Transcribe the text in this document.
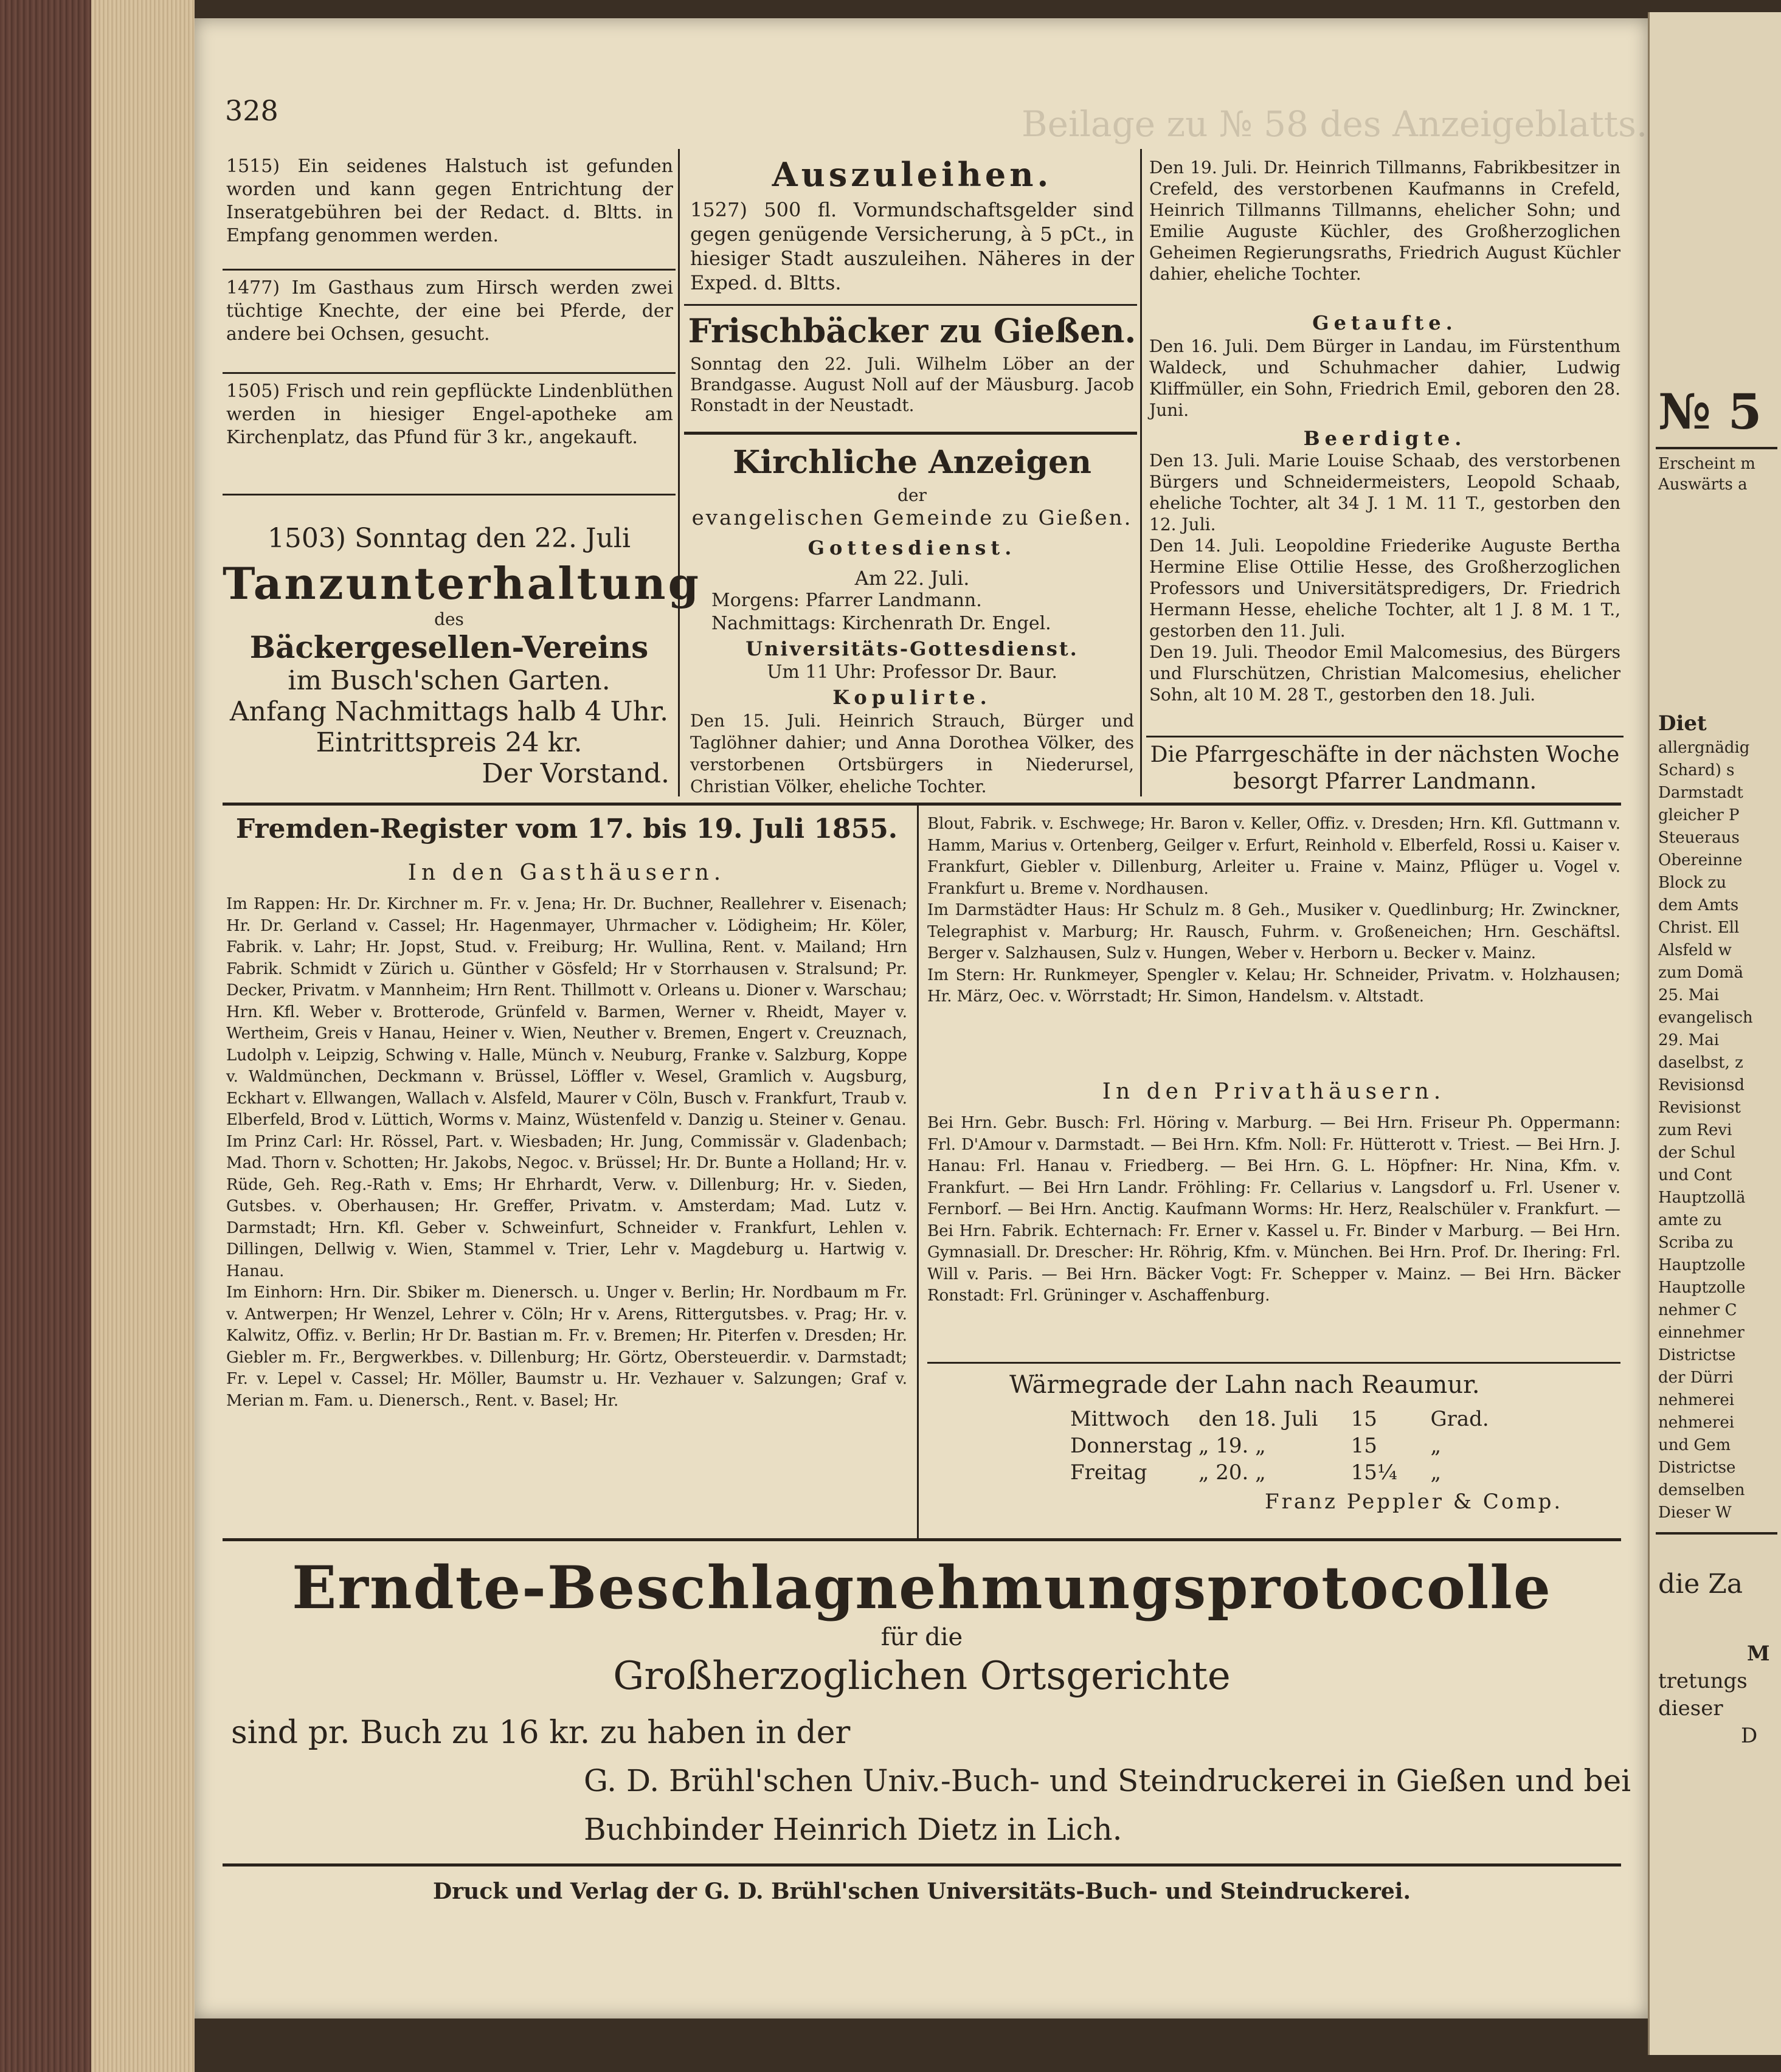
328	Beilage zu № 58 des Anzeigeblatts.
1515) Ein seidenes Halstuch ist gefunden worden und kann gegen Entrichtung der Inseratgebühren bei der Redact. d. Bltts. in Empfang genommen werden.
1477) Im Gasthaus zum Hirsch werden zwei tüchtige Knechte, der eine bei Pferde, der andere bei Ochsen, gesucht.
1505) Frisch und rein gepflückte Lindenblüthen werden in hiesiger Engel-apotheke am Kirchenplatz, das Pfund für 3 kr., angekauft.
1503) Sonntag den 22. Juli
Tanzunterhaltung
des
Bäckergesellen-Vereins
im Busch'schen Garten.
Anfang Nachmittags halb 4 Uhr.
Eintrittspreis 24 kr.
Der Vorstand.
Auszuleihen.
1527) 500 fl. Vormundschaftsgelder sind gegen genügende Versicherung, à 5 pCt., in hiesiger Stadt auszuleihen. Näheres in der Exped. d. Bltts.
Frischbäcker zu Gießen.
Sonntag den 22. Juli. Wilhelm Löber an der Brandgasse. August Noll auf der Mäusburg. Jacob Ronstadt in der Neustadt.
Kirchliche Anzeigen
der
evangelischen Gemeinde zu Gießen.
Gottesdienst.
Am 22. Juli.
Morgens: Pfarrer Landmann.
Nachmittags: Kirchenrath Dr. Engel.
Universitäts-Gottesdienst.
Um 11 Uhr: Professor Dr. Baur.
Kopulirte.
Den 15. Juli. Heinrich Strauch, Bürger und Taglöhner dahier; und Anna Dorothea Völker, des verstorbenen Ortsbürgers in Niederursel, Christian Völker, eheliche Tochter.
Den 19. Juli. Dr. Heinrich Tillmanns, Fabrikbesitzer in Crefeld, des verstorbenen Kaufmanns in Crefeld, Heinrich Tillmanns Tillmanns, ehelicher Sohn; und Emilie Auguste Küchler, des Großherzoglichen Geheimen Regierungsraths, Friedrich August Küchler dahier, eheliche Tochter.
Getaufte.
Den 16. Juli. Dem Bürger in Landau, im Fürstenthum Waldeck, und Schuhmacher dahier, Ludwig Kliffmüller, ein Sohn, Friedrich Emil, geboren den 28. Juni.
Beerdigte.
Den 13. Juli. Marie Louise Schaab, des verstorbenen Bürgers und Schneidermeisters, Leopold Schaab, eheliche Tochter, alt 34 J. 1 M. 11 T., gestorben den 12. Juli.
Den 14. Juli. Leopoldine Friederike Auguste Bertha Hermine Elise Ottilie Hesse, des Großherzoglichen Professors und Universitätspredigers, Dr. Friedrich Hermann Hesse, eheliche Tochter, alt 1 J. 8 M. 1 T., gestorben den 11. Juli.
Den 19. Juli. Theodor Emil Malcomesius, des Bürgers und Flurschützen, Christian Malcomesius, ehelicher Sohn, alt 10 M. 28 T., gestorben den 18. Juli.
Die Pfarrgeschäfte in der nächsten Woche besorgt Pfarrer Landmann.
Fremden-Register vom 17. bis 19. Juli 1855.
In den Gasthäusern.
Im Rappen: Hr. Dr. Kirchner m. Fr. v. Jena; Hr. Dr. Buchner, Reallehrer v. Eisenach; Hr. Dr. Gerland v. Cassel; Hr. Hagenmayer, Uhrmacher v. Lödigheim; Hr. Köler, Fabrik. v. Lahr; Hr. Jopst, Stud. v. Freiburg; Hr. Wullina, Rent. v. Mailand; Hrn Fabrik. Schmidt v Zürich u. Günther v Gösfeld; Hr v Storrhausen v. Stralsund; Pr. Decker, Privatm. v Mannheim; Hrn Rent. Thillmott v. Orleans u. Dioner v. Warschau; Hrn. Kfl. Weber v. Brotterode, Grünfeld v. Barmen, Werner v. Rheidt, Mayer v. Wertheim, Greis v Hanau, Heiner v. Wien, Neuther v. Bremen, Engert v. Creuznach, Ludolph v. Leipzig, Schwing v. Halle, Münch v. Neuburg, Franke v. Salzburg, Koppe v. Waldmünchen, Deckmann v. Brüssel, Löffler v. Wesel, Gramlich v. Augsburg, Eckhart v. Ellwangen, Wallach v. Alsfeld, Maurer v Cöln, Busch v. Frankfurt, Traub v. Elberfeld, Brod v. Lüttich, Worms v. Mainz, Wüstenfeld v. Danzig u. Steiner v. Genau.
Im Prinz Carl: Hr. Rössel, Part. v. Wiesbaden; Hr. Jung, Commissär v. Gladenbach; Mad. Thorn v. Schotten; Hr. Jakobs, Negoc. v. Brüssel; Hr. Dr. Bunte a Holland; Hr. v. Rüde, Geh. Reg.-Rath v. Ems; Hr Ehrhardt, Verw. v. Dillenburg; Hr. v. Sieden, Gutsbes. v. Oberhausen; Hr. Greffer, Privatm. v. Amsterdam; Mad. Lutz v. Darmstadt; Hrn. Kfl. Geber v. Schweinfurt, Schneider v. Frankfurt, Lehlen v. Dillingen, Dellwig v. Wien, Stammel v. Trier, Lehr v. Magdeburg u. Hartwig v. Hanau.
Im Einhorn: Hrn. Dir. Sbiker m. Dienersch. u. Unger v. Berlin; Hr. Nordbaum m Fr. v. Antwerpen; Hr Wenzel, Lehrer v. Cöln; Hr v. Arens, Rittergutsbes. v. Prag; Hr. v. Kalwitz, Offiz. v. Berlin; Hr Dr. Bastian m. Fr. v. Bremen; Hr. Piterfen v. Dresden; Hr. Giebler m. Fr., Bergwerkbes. v. Dillenburg; Hr. Görtz, Obersteuerdir. v. Darmstadt; Fr. v. Lepel v. Cassel; Hr. Möller, Baumstr u. Hr. Vezhauer v. Salzungen; Graf v. Merian m. Fam. u. Dienersch., Rent. v. Basel; Hr.
Blout, Fabrik. v. Eschwege; Hr. Baron v. Keller, Offiz. v. Dresden; Hrn. Kfl. Guttmann v. Hamm, Marius v. Ortenberg, Geilger v. Erfurt, Reinhold v. Elberfeld, Rossi u. Kaiser v. Frankfurt, Giebler v. Dillenburg, Arleiter u. Fraine v. Mainz, Pflüger u. Vogel v. Frankfurt u. Breme v. Nordhausen.
Im Darmstädter Haus: Hr Schulz m. 8 Geh., Musiker v. Quedlinburg; Hr. Zwinckner, Telegraphist v. Marburg; Hr. Rausch, Fuhrm. v. Großeneichen; Hrn. Geschäftsl. Berger v. Salzhausen, Sulz v. Hungen, Weber v. Herborn u. Becker v. Mainz.
Im Stern: Hr. Runkmeyer, Spengler v. Kelau; Hr. Schneider, Privatm. v. Holzhausen; Hr. März, Oec. v. Wörrstadt; Hr. Simon, Handelsm. v. Altstadt.
In den Privathäusern.
Bei Hrn. Gebr. Busch: Frl. Höring v. Marburg. — Bei Hrn. Friseur Ph. Oppermann: Frl. D'Amour v. Darmstadt. — Bei Hrn. Kfm. Noll: Fr. Hütterott v. Triest. — Bei Hrn. J. Hanau: Frl. Hanau v. Friedberg. — Bei Hrn. G. L. Höpfner: Hr. Nina, Kfm. v. Frankfurt. — Bei Hrn Landr. Fröhling: Fr. Cellarius v. Langsdorf u. Frl. Usener v. Fernborf. — Bei Hrn. Anctig. Kaufmann Worms: Hr. Herz, Realschüler v. Frankfurt. — Bei Hrn. Fabrik. Echternach: Fr. Erner v. Kassel u. Fr. Binder v Marburg. — Bei Hrn. Gymnasiall. Dr. Drescher: Hr. Röhrig, Kfm. v. München. Bei Hrn. Prof. Dr. Ihering: Frl. Will v. Paris. — Bei Hrn. Bäcker Vogt: Fr. Schepper v. Mainz. — Bei Hrn. Bäcker Ronstadt: Frl. Grüninger v. Aschaffenburg.
Wärmegrade der Lahn nach Reaumur.
Mittwoch den 18. Juli 15	Grad.
Donnerstag „ 19. „	15	„
Freitag „ 20. „	15¼ „
Franz Peppler & Comp.
Erndte-Beschlagnehmungsprotocolle
für die
Großherzoglichen Ortsgerichte
sind pr. Buch zu 16 kr. zu haben in der
G. D. Brühl'schen Univ.-Buch- und Steindruckerei in Gießen und bei
Buchbinder Heinrich Dietz in Lich.
Druck und Verlag der G. D. Brühl'schen Universitäts-Buch- und Steindruckerei.
№ 5
Erscheint m
Auswärts a
Diet
allergnädig
Schard) s
Darmstadt
gleicher P
Steueraus
Obereinne
Block zu
dem Amts
Christ. Ell
Alsfeld w
zum Domä
25. Mai
evangelisch
29. Mai
daselbst, z
Revisionsd
Revisionst
zum Revi
der Schul
und Cont
Hauptzollä
amte zu
Scriba zu
Hauptzolle
Hauptzolle
nehmer C
einnehmer
Districtse
der Dürri
nehmerei
nehmerei
und Gem
Districtse
demselben
Dieser W
die Za
M
tretungs
dieser
D
